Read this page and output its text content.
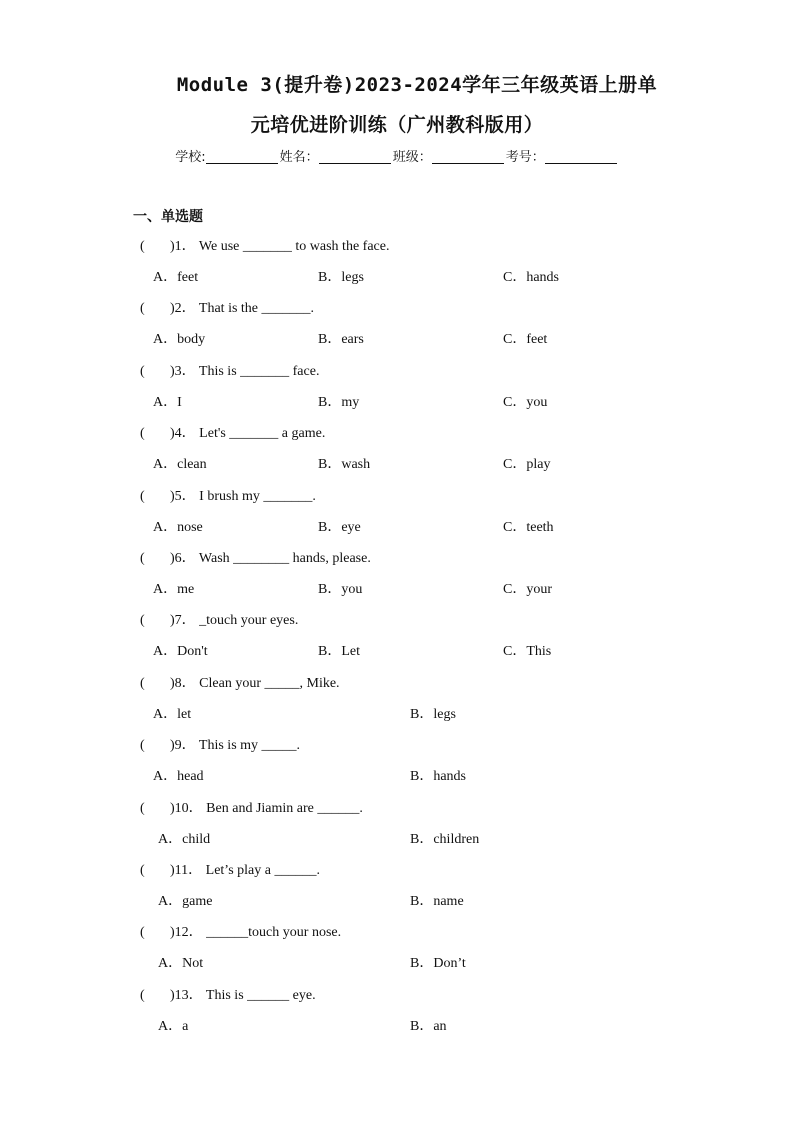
Module 3(提升卷)2023-2024学年三年级英语上册单
元培优进阶训练（广州教科版用）
学校:	姓名：	班级：	考号：
一、单选题
( )1． We use _______ to wash the face.
A．feet	B．legs	C．hands
( )2． That is the _______.
A．body	B．ears	C．feet
( )3． This is _______ face.
A．I	B．my	C．you
( )4． Let's _______ a game.
A．clean	B．wash	C．play
( )5． I brush my _______.
A．nose	B．eye	C．teeth
( )6． Wash ________ hands, please.
A．me	B．you	C．your
( )7． _touch your eyes.
A．Don't	B．Let	C．This
( )8． Clean your _____, Mike.
A．let	B．legs
( )9． This is my _____.
A．head	B．hands
( )10． Ben and Jiamin are ______.
A．child	B．children
( )11． Let’s play a ______.
A．game	B．name
( )12． ______touch your nose.
A．Not	B．Don’t
( )13． This is ______ eye.
A．a	B．an
